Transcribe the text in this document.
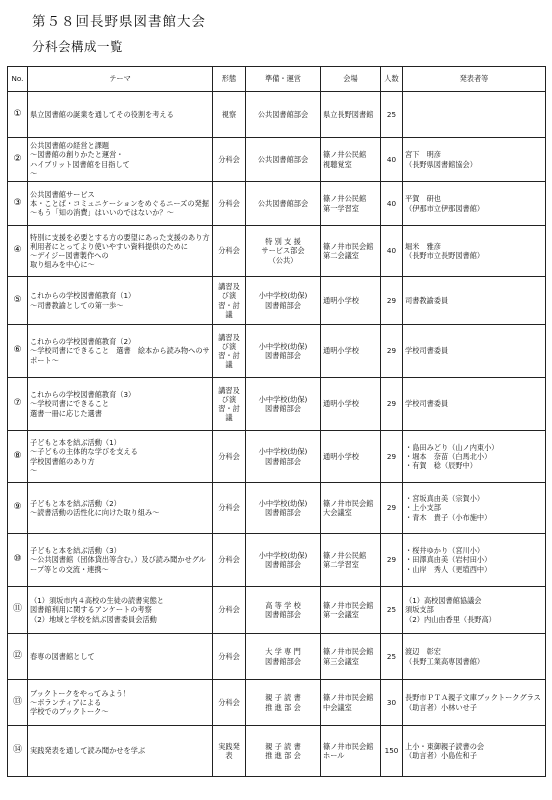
第５８回長野県図書館大会
分科会構成一覧
No.	テーマ	形態	準備・運営	会場	人数	発表者等
①	県立図書館の誕業を通してその役割を考える	視察	公共図書館部会	県立長野図書館	25	
②	公共図書館の経営と課題
～図書館の創りかたと運営・
ハイブリット図書館を目指して
～	分科会	公共図書館部会	篠ノ井公民館
視聴覚室	40	宮下　明彦
（長野県図書館協会）
③	公共図書館サービス
本・ことば・コミュニケーションをめぐるニーズの発掘
～もう「知の消費」はいいのではないか？～	分科会	公共図書館部会	篠ノ井公民館
第一学習室	40	平賀　研也
（伊那市立伊那図書館）
④	特別に支援を必要とする方の要望にあった支援のあり方
利用者にとってより使いやすい資料提供のために
～デイジー図書製作への
取り組みを中心に～	分科会	特 別 支 援
サービス部会
（公共）	篠ノ井市民会館
第二会議室	40	堀米　雅彦
（長野市立長野図書館）
⑤	これからの学校図書館教育（1）
～司書教諭としての第一歩～	講習及び演習・討議	小中学校(幼保)
図書館部会	通明小学校	29	司書教諭委員
⑥	これからの学校図書館教育（2）
～学校司書にできること　選書　絵本から読み物へのサポート～	講習及び演習・討議	小中学校(幼保)
図書館部会	通明小学校	29	学校司書委員
⑦	これからの学校図書館教育（3）
～学校司書にできること
選書一冊に応じた選書	講習及び演習・討議	小中学校(幼保)
図書館部会	通明小学校	29	学校司書委員
⑧	子どもと本を結ぶ活動（1）
～子どもの主体的な学びを支える
学校図書館のあり方
～	分科会	小中学校(幼保)
図書館部会	通明小学校	29	・島田みどり（山ノ内東小）
・堀本　奈苗（白馬北小）
・有賀　稔（辰野中）
⑨	子どもと本を結ぶ活動（2）
～読書活動の活性化に向けた取り組み～	分科会	小中学校(幼保)
図書館部会	篠ノ井市民会館
大会議室	29	・宮坂真由美（宗賀小）
・上小支部
・青木　貴子（小布施中）
⑩	子どもと本を結ぶ活動（3）
～公共図書館（団体貸出等含む。）及び読み聞かせグループ等との交流・連携～	分科会	小中学校(幼保)
図書館部会	篠ノ井公民館
第二学習室	29	・桜井ゆかり（宮川小）
・田澤真由美（岩村田小）
・山岸　秀人（更埴西中）
⑪	（1）須坂市内４高校の生徒の読書実態と
図書館利用に関するアンケートの考察
（2）地域と学校を結ぶ図書委員会活動	分科会	高 等 学 校
図書館部会	篠ノ井市民会館
第一会議室	25	（1）高校図書館協議会
須坂支部
（2）内山由香里（長野高）
⑫	春専の図書館として	分科会	大 学 専 門
図書館部会	篠ノ井市民会館
第三会議室	25	渡辺　彰宏
（長野工業高専図書館）
⑬	ブックトークをやってみよう！
～ボランティアによる
学校でのブックトーク～	分科会	親 子 読 書
推 進 部 会	篠ノ井市民会館
中会議室	30	長野市ＰＴＡ親子文庫ブックトークグラス
（助言者）小林いせ子
⑭	実践発表を通して読み聞かせを学ぶ	実践発表	親 子 読 書
推 進 部 会	篠ノ井市民会館
ホール	150	上小・東御親子読書の会
（助言者）小島佐和子
